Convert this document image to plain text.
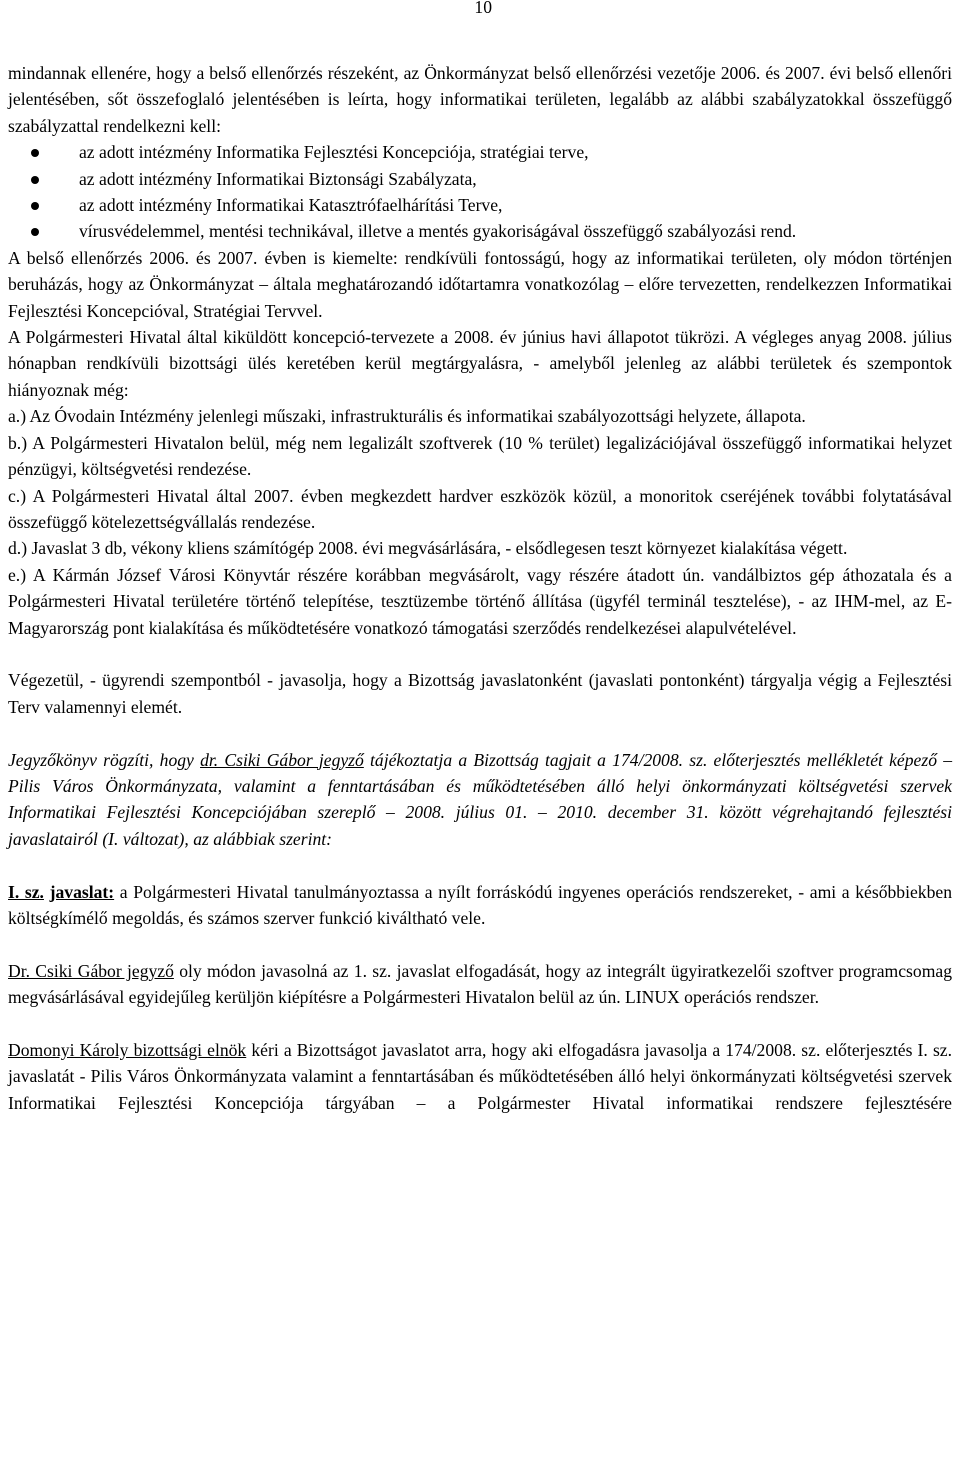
10

mindannak ellenére, hogy a belső ellenőrzés részeként, az Önkormányzat belső ellenőrzési vezetője 2006. és 2007. évi belső ellenőri jelentésében, sőt összefoglaló jelentésében is leírta, hogy informatikai területen, legalább az alábbi szabályzatokkal összefüggő szabályzattal rendelkezni kell:

az adott intézmény Informatika Fejlesztési Koncepciója, stratégiai terve,
az adott intézmény Informatikai Biztonsági Szabályzata,
az adott intézmény Informatikai Katasztrófaelhárítási Terve,
vírusvédelemmel, mentési technikával, illetve a mentés gyakoriságával összefüggő szabályozási rend.

A belső ellenőrzés 2006. és 2007. évben is kiemelte: rendkívüli fontosságú, hogy az informatikai területen, oly módon történjen beruházás, hogy az Önkormányzat – általa meghatározandó időtartamra vonatkozólag – előre tervezetten, rendelkezzen Informatikai Fejlesztési Koncepcióval, Stratégiai Tervvel.

A Polgármesteri Hivatal által kiküldött koncepció-tervezete a 2008. év június havi állapotot tükrözi. A végleges anyag 2008. július hónapban rendkívüli bizottsági ülés keretében kerül megtárgyalásra, - amelyből jelenleg az alábbi területek és szempontok hiányoznak még:

a.) Az Óvodain Intézmény jelenlegi műszaki, infrastrukturális és informatikai szabályozottsági helyzete, állapota.

b.) A Polgármesteri Hivatalon belül, még nem legalizált szoftverek (10 % terület) legalizációjával összefüggő informatikai helyzet pénzügyi, költségvetési rendezése.

c.) A Polgármesteri Hivatal által 2007. évben megkezdett hardver eszközök közül, a monoritok cseréjének további folytatásával összefüggő kötelezettségvállalás rendezése.

d.) Javaslat 3 db, vékony kliens számítógép 2008. évi megvásárlására, - elsődlegesen teszt környezet kialakítása végett.

e.) A Kármán József Városi Könyvtár részére korábban megvásárolt, vagy részére átadott ún. vandálbiztos gép áthozatala és a Polgármesteri Hivatal területére történő telepítése, tesztüzembe történő állítása (ügyfél terminál tesztelése), - az IHM-mel, az E-Magyarország pont kialakítása és működtetésére vonatkozó támogatási szerződés rendelkezései alapulvételével.

Végezetül, - ügyrendi szempontból - javasolja, hogy a Bizottság javaslatonként (javaslati pontonként) tárgyalja végig a Fejlesztési Terv valamennyi elemét.

Jegyzőkönyv rögzíti, hogy dr. Csiki Gábor jegyző tájékoztatja a Bizottság tagjait a 174/2008. sz. előterjesztés mellékletét képező – Pilis Város Önkormányzata, valamint a fenntartásában és működtetésében álló helyi önkormányzati költségvetési szervek Informatikai Fejlesztési Koncepciójában szereplő – 2008. július 01. – 2010. december 31. között végrehajtandó fejlesztési javaslatairól (I. változat), az alábbiak szerint:

I. sz. javaslat: a Polgármesteri Hivatal tanulmányoztassa a nyílt forráskódú ingyenes operációs rendszereket, - ami a későbbiekben költségkímélő megoldás, és számos szerver funkció kiváltható vele.

Dr. Csiki Gábor jegyző oly módon javasolná az 1. sz. javaslat elfogadását, hogy az integrált ügyiratkezelői szoftver programcsomag megvásárlásával egyidejűleg kerüljön kiépítésre a Polgármesteri Hivatalon belül az ún. LINUX operációs rendszer.

Domonyi Károly bizottsági elnök kéri a Bizottságot javaslatot arra, hogy aki elfogadásra javasolja a 174/2008. sz. előterjesztés I. sz. javaslatát - Pilis Város Önkormányzata valamint a fenntartásában és működtetésében álló helyi önkormányzati költségvetési szervek Informatikai Fejlesztési Koncepciója tárgyában – a Polgármester Hivatal informatikai rendszere fejlesztésére
